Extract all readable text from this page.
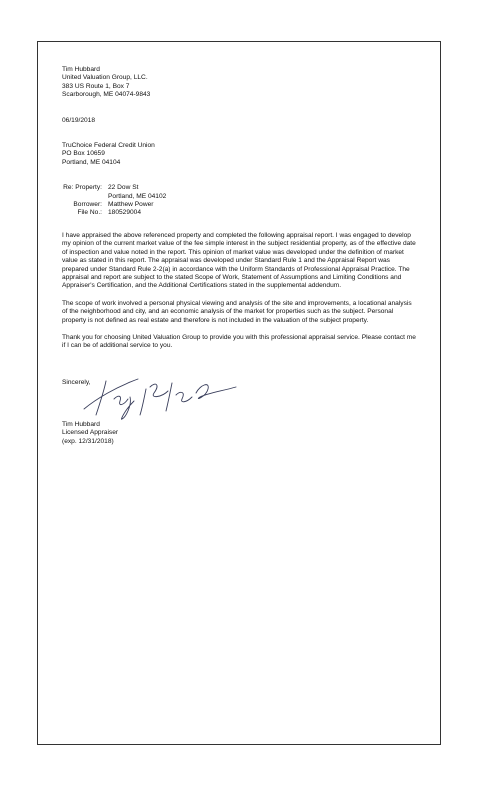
Tim Hubbard
United Valuation Group, LLC.
383 US Route 1, Box 7
Scarborough, ME 04074-9843
06/19/2018
TruChoice Federal Credit Union
PO Box 10659
Portland, ME 04104
Re: Property: 22 Dow St
Portland, ME 04102
Borrower: Matthew Power
File No.: 180529004

I have appraised the above referenced property and completed the following appraisal report. I was engaged to develop my opinion of the current market value of the fee simple interest in the subject residential property, as of the effective date of inspection and value noted in the report. This opinion of market value was developed under the definition of market value as stated in this report. The appraisal was developed under Standard Rule 1 and the Appraisal Report was prepared under Standard Rule 2-2(a) in accordance with the Uniform Standards of Professional Appraisal Practice. The appraisal and report are subject to the stated Scope of Work, Statement of Assumptions and Limiting Conditions and Appraiser's Certification, and the Additional Certifications stated in the supplemental addendum.

The scope of work involved a personal physical viewing and analysis of the site and improvements, a locational analysis of the neighborhood and city, and an economic analysis of the market for properties such as the subject. Personal property is not defined as real estate and therefore is not included in the valuation of the subject property.

Thank you for choosing United Valuation Group to provide you with this professional appraisal service. Please contact me if I can be of additional service to you.

Sincerely,
Tim Hubbard
Licensed Appraiser
(exp. 12/31/2018)
